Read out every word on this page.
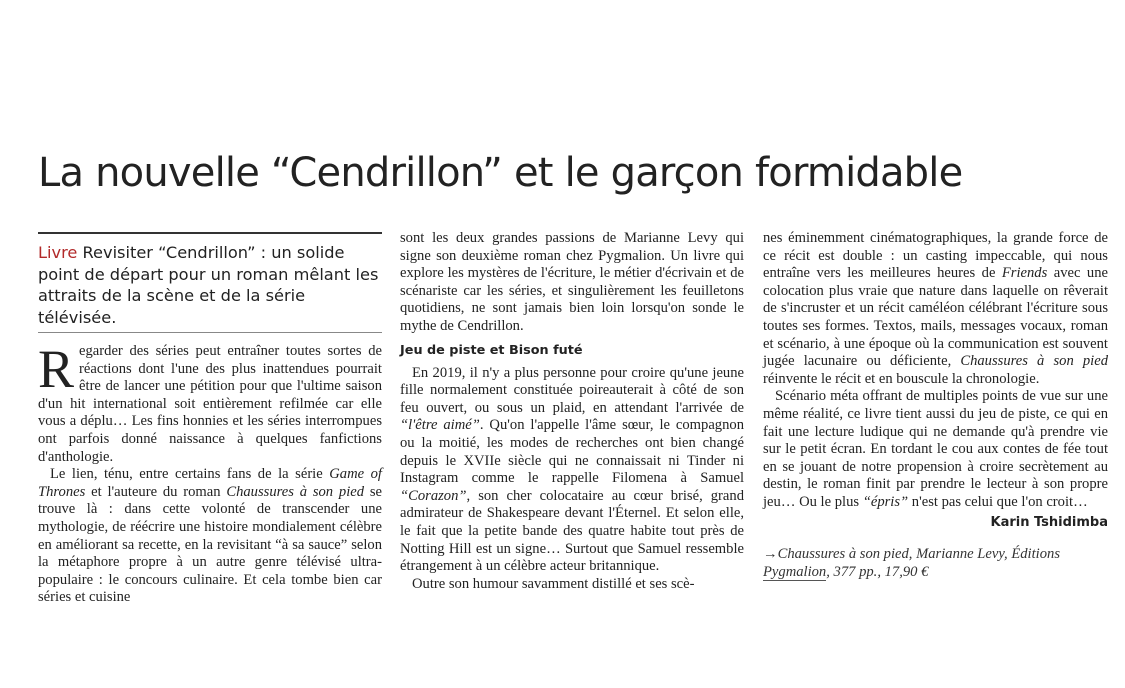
La nouvelle “Cendrillon” et le garçon formidable

Livre Revisiter “Cendrillon” : un solide point de départ pour un roman mêlant les attraits de la scène et de la série télévisée.

Regarder des séries peut entraîner toutes sortes de réactions dont l'une des plus inattendues pourrait être de lancer une pétition pour que l'ultime saison d'un hit international soit entièrement refilmée car elle vous a déplu… Les fins honnies et les séries interrompues ont parfois donné naissance à quelques fanfictions d'anthologie.

Le lien, ténu, entre certains fans de la série Game of Thrones et l'auteure du roman Chaussures à son pied se trouve là : dans cette volonté de transcender une mythologie, de réécrire une histoire mondialement célèbre en améliorant sa recette, en la revisitant “à sa sauce” selon la métaphore propre à un autre genre télévisé ultra-populaire : le concours culinaire. Et cela tombe bien car séries et cuisine

sont les deux grandes passions de Marianne Levy qui signe son deuxième roman chez Pygmalion. Un livre qui explore les mystères de l'écriture, le métier d'écrivain et de scénariste car les séries, et singulièrement les feuilletons quotidiens, ne sont jamais bien loin lorsqu'on sonde le mythe de Cendrillon.

Jeu de piste et Bison futé

En 2019, il n'y a plus personne pour croire qu'une jeune fille normalement constituée poireauterait à côté de son feu ouvert, ou sous un plaid, en attendant l'arrivée de “l'être aimé”. Qu'on l'appelle l'âme sœur, le compagnon ou la moitié, les modes de recherches ont bien changé depuis le XVIIe siècle qui ne connaissait ni Tinder ni Instagram comme le rappelle Filomena à Samuel “Corazon”, son cher colocataire au cœur brisé, grand admirateur de Shakespeare devant l'Éternel. Et selon elle, le fait que la petite bande des quatre habite tout près de Notting Hill est un signe… Surtout que Samuel ressemble étrangement à un célèbre acteur britannique.

Outre son humour savamment distillé et ses scè-

nes éminemment cinématographiques, la grande force de ce récit est double : un casting impeccable, qui nous entraîne vers les meilleures heures de Friends avec une colocation plus vraie que nature dans laquelle on rêverait de s'incruster et un récit caméléon célébrant l'écriture sous toutes ses formes. Textos, mails, messages vocaux, roman et scénario, à une époque où la communication est souvent jugée lacunaire ou déficiente, Chaussures à son pied réinvente le récit et en bouscule la chronologie.

Scénario méta offrant de multiples points de vue sur une même réalité, ce livre tient aussi du jeu de piste, ce qui en fait une lecture ludique qui ne demande qu'à prendre vie sur le petit écran. En tordant le cou aux contes de fée tout en se jouant de notre propension à croire secrètement au destin, le roman finit par prendre le lecteur à son propre jeu… Ou le plus “épris” n'est pas celui que l'on croit…

Karin Tshidimba
→Chaussures à son pied, Marianne Levy, Éditions Pygmalion, 377 pp., 17,90 €
